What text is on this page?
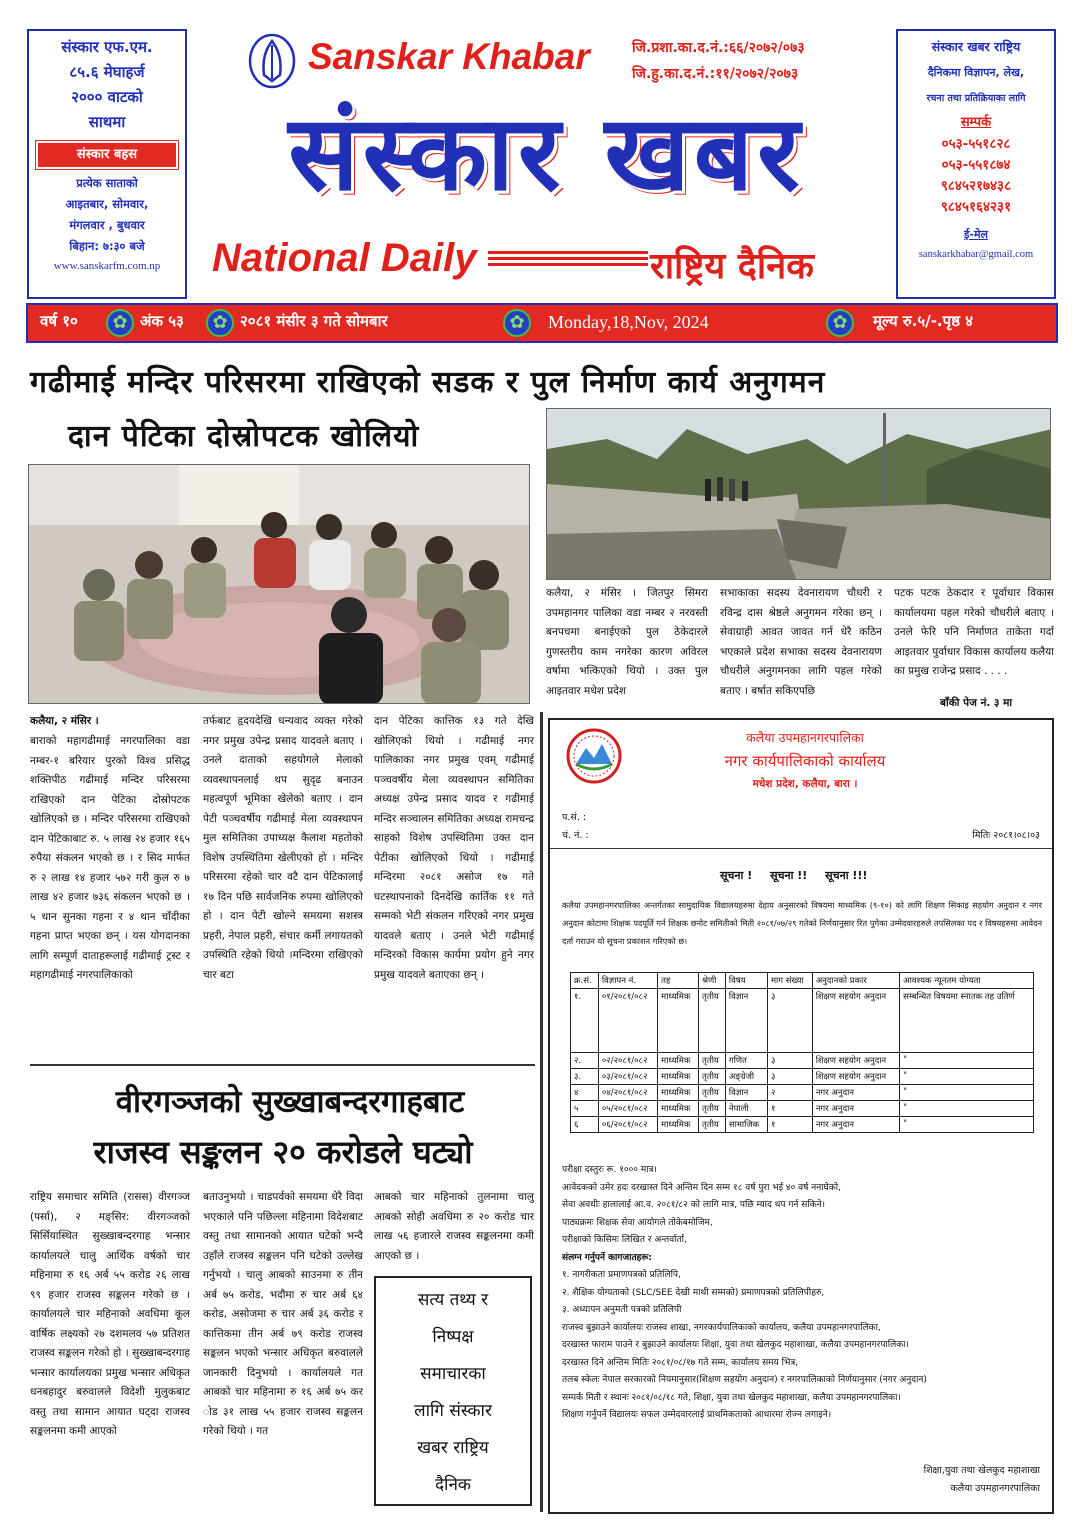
संस्कार एफ.एम.
८५.६ मेघाहर्ज
२००० वाटको
साथमा
संस्कार बहस
प्रत्येक साताको
आइतबार, सोमवार,
मंगलवार , बुधवार
बिहान: ७:३० बजे
www.sanskarfm.com.np
Sanskar Khabar	जि.प्रशा.का.द.नं.:६६/२०७२/०७३
जि.हु.का.द.नं.:११/२०७२/२०७३
संस्कार खबर
National Daily	राष्ट्रिय दैनिक
संस्कार खबर राष्ट्रिय
दैनिकमा विज्ञापन, लेख,
रचना तथा प्रतिक्रियाका लागि
सम्पर्क
०५३-५५१८२८
०५३-५५१८७४
९८४५२१७४३८
९८४५१६४२३१
ई-मेल
sanskarkhabar@gmail.com
वर्ष १०	✿ अंक ५३	✿ २०८१ मंसीर ३ गते सोमबार	✿	Monday,18,Nov, 2024	✿	मूल्य रु.५/-.पृष्ठ ४
गढीमाई मन्दिर परिसरमा राखिएको सडक र पुल निर्माण कार्य अनुगमन
कलैया, २ मंसिर । जितपुर सिमरा उपमहानगर पालिका वडा नम्बर २ नरवस्ती बनपचमा बनाईएको पुल ठेकेदारले गुणस्तरीय काम नगरेका कारण अविरल वर्षामा भत्किएको थियो । उक्त पुल आइतवार मधेश प्रदेश
सभाकाका सदस्य देवनारायण चौधरी र रविन्द्र दास श्रेष्ठले अनुगमन गरेका छन् । सेवाग्राही आवत जावत गर्न धेरै कठिन भएकाले प्रदेश सभाका सदस्य देवनारायण चौधरीले अनुगमनका लागि पहल गरेको बताए । बर्षात सकिएपछि
पटक पटक ठेकदार र पूर्वाधार विकास कार्यालयमा पहल गरेको चौधरीले बताए । उनले फेरि पनि निर्माणत ताकेता गर्दा आइतवार पुर्वाधार विकास कार्यालय कलैया का प्रमुख राजेन्द्र प्रसाद . . . .
बाँकी पेज नं. ३ मा
दान पेटिका दोस्रोपटक खोलियो
कलैया, २ मंसिर ।
बाराको महागढीमाई नगरपालिका वडा नम्बर-१ बरियार पुरको विश्व प्रसिद्ध शक्तिपीठ गढीमाई मन्दिर परिसरमा राखिएको दान पेटिका दोस्रोपटक खोलिएको छ । मन्दिर परिसरमा राखिएको दान पेटिकाबाट रु. ५ लाख २४ हजार १६५ रुपैया संकलन भएको छ । र सिद मार्फत रु २ लाख १४ हजार ५७२ गरी कुल रु ७ लाख ४२ हजार ७३६ संकलन भएको छ । ५ थान सुनका गहना र ४ थान चाँदीका गहना प्राप्त भएका छन् । यस योगदानका लागि सम्पूर्ण दाताहरूलाई गढीमाई ट्रस्ट र महागढीमाई नगरपालिकाको
तर्फबाट हृदयदेखि धन्यवाद व्यक्त गरेको नगर प्रमुख उपेन्द्र प्रसाद यादवले बताए । उनले दाताको सहयोगले मेलाको व्यवस्थापनलाई थप सुदृढ बनाउन महत्वपूर्ण भूमिका खेलेको बताए । दान पेटी पञ्चवर्षीय गढीमाई मेला व्यवस्थापन मुल समितिका उपाध्यक्ष कैलाश महतोको विशेष उपस्थितिमा खेलीएको हो । मन्दिर परिसरमा रहेको चार वटै दान पेटिकालाई १७ दिन पछि सार्वजनिक रुपमा खोलिएको हो । दान पेटी खोल्ने समयमा सशस्त्र प्रहरी, नेपाल प्रहरी, संचार कर्मी लगायतको उपस्थिति रहेको थियो ।मन्दिरमा राखिएको चार बटा
दान पेटिका कात्तिक १३ गते देखि खोलिएको थियो । गढीमाई नगर पालिकाका नगर प्रमुख एवम् गढीमाई पञ्चवर्षीय मेला व्यवस्थापन समितिका अध्यक्ष उपेन्द्र प्रसाद यादव र गढीमाई मन्दिर सञ्चालन समितिका अध्यक्ष रामचन्द्र साहको विशेष उपस्थितिमा उक्त दान पेटीका खोलिएको थियो । गढीमाई मन्दिरमा २०८१ असोज १७ गते घटस्थापनाको दिनदेखि कार्तिक ११ गते सम्मको भेटी संकलन गरिएको नगर प्रमुख यादवले बताए । उनले भेटी गढीमाई मन्दिरको विकास कार्यमा प्रयोग हुने नगर प्रमुख यादवले बताएका छन् ।
वीरगञ्जको सुख्खाबन्दरगाहबाट
राजस्व सङ्कलन २० करोडले घट्यो
राष्ट्रिय समाचार समिति (रासस) वीरगञ्ज (पर्सा), २ मङ्सिर: वीरगञ्जको सिर्सियास्थित सुख्खाबन्दरगाह भन्सार कार्यालयले चालु आर्थिक वर्षको चार महिनामा रु १६ अर्ब ५५ करोड २६ लाख ९९ हजार राजस्व सङ्कलन गरेको छ । कार्यालयले चार महिनाको अवधिमा कूल वार्षिक लक्ष्यको २७ दशमलव ५७ प्रतिशत राजस्व सङ्कलन गरेको हो । सुख्खाबन्दरगाह भन्सार कार्यालयका प्रमुख भन्सार अधिकृत धनबहादुर बरुवालले विदेशी मुलुकबाट वस्तु तथा सामान आयात घट्दा राजस्व सङ्कलनमा कमी आएको
बताउनुभयो । चाडपर्वको समयमा धेरै विदा भएकाले पनि पछिल्ला महिनामा विदेशबाट वस्तु तथा सामानको आयात घटेको भन्दै उहाँले राजस्व सङ्कलन पनि घटेको उल्लेख गर्नुभयो । चालु आबको साउनमा रु तीन अर्ब ७५ करोड, भदौमा रु चार अर्ब ६४ करोड, असोजमा रु चार अर्ब ३६ करोड र कात्तिकमा तीन अर्ब ७९ करोड राजस्व सङ्कलन भएको भन्सार अधिकृत बरुवालले जानकारी दिनुभयो । कार्यालयले गत आबको चार महिनामा रु १६ अर्ब ७५ कर ोड ३१ लाख ५५ हजार राजस्व सङ्कलन गरेको थियो । गत
आबको चार महिनाको तुलनामा चालु आबको सोही अवधिमा रु २० करोड चार लाख ५६ हजारले राजस्व सङ्कलनमा कमी आएको छ ।
सत्य तथ्य र
निष्पक्ष
समाचारका
लागि संस्कार
खबर राष्ट्रिय
दैनिक
कलैया उपमहानगरपालिका
नगर कार्यपालिकाको कार्यालय
मधेश प्रदेश, कलैया, बारा ।
प.सं. :
चं. नं. :	मितिः २०८१।०८।०३
सूचना ! सूचना !! सूचना !!!
कलैया उपमहानगरपालिका अन्तर्गतका सामुदायिक विद्यालयहरुमा देहाय अनुसारको विषयमा माध्यमिक (९-१०) को लागि शिक्षण सिकाइ सहयोग अनुदान र नगर अनुदान कोटामा शिक्षक पदपूर्ति गर्न शिक्षक छनोट समितीको मिती २०८१/०७/२९ गतेको निर्णयानुसार रित पुगेका उम्मेदवारहरुले तपसिलका पद र विषयहरुमा आवेदन दर्ता गराउन यो सूचना प्रकाशन गरिएको छ।
क्र.सं.	विज्ञापन नं.	तह	श्रेणी	विषय	माग संख्या	अनुदानको प्रकार	आवश्यक न्यूनतम योग्यता
१.	०१/२०८१/०८२	माध्यमिक	तृतीय	विज्ञान	३	शिक्षण सहयोग अनुदान	सम्बन्धित विषयमा स्नातक तह उतिर्ण
२.	०२/२०८१/०८२	माध्यमिक	तृतीय	गणित	३	शिक्षण सहयोग अनुदान	"
३.	०३/२०८१/०८२	माध्यमिक	तृतीय	अङ्ग्रेजी	३	शिक्षण सहयोग अनुदान	"
४	०४/२०८१/०८२	माध्यमिक	तृतीय	विज्ञान	२	नगर अनुदान	"
५	०५/२०८१/०८२	माध्यमिक	तृतीय	नेपाली	१	नगर अनुदान	"
६	०६/२०८१/०८२	माध्यमिक	तृतीय	सामाजिक	१	नगर अनुदान	"
परीक्षा दस्तुरः रू. १००० मात्र।
आवेदकको उमेर हदः दरखास्त दिने अन्तिम दिन सम्म १८ वर्ष पुरा भई ४० वर्ष ननाघेको,
सेवा अवधीः हालालाई आ.व. २०८१/८२ को लागि मात्र, पछि म्याद थप गर्न सकिने।
पाठ्यक्रमः शिक्षक सेवा आयोगले तोकेबमोजिम,
परीक्षाको किसिमः लिखित र अन्तर्वार्ता,
संलग्न गर्नुपर्ने कागजातहरू:
१. नागरीकता प्रमाणपत्रको प्रतिलिपि,
२. शैक्षिक योग्यताको (SLC/SEE देखी माथी सम्मको) प्रमाणपत्रको प्रतिलिपीहरु,
३. अध्यापन अनुमती पत्रको प्रतिलिपी
राजस्व बुझाउने कार्यालयः राजस्व शाखा, नगरकार्यपालिकाको कार्यालय, कलैया उपमहानगरपालिका,
दरखास्त फाराम पाउने र बुझाउने कार्यालयः शिक्षा, युवा तथा खेलकुद महाशाखा, कलैया उपमहानगरपालिका।
दरखास्त दिने अन्तिम मितिः २०८१/०८/१७ गते सम्म, कार्यालय समय भित्र,
तलब स्केलः नेपाल सरकारको नियमानुसार(शिक्षण सहयोग अनुदान) र नगरपालिकाको निर्णयानुसार (नगर अनुदान)
सम्पर्क मिती र स्थानः २०८१/०८/१८ गते, शिक्षा, युवा तथा खेलकुद महाशाखा, कलैया उपमहानगरपालिका।
शिक्षण गर्नुपर्ने विद्यालयः सफल उम्मेदवारलाई प्राथमिकताको आधारमा रोज्न लगाइने।
शिक्षा,युवा तथा खेलकुद महाशाखा
कलैया उपमहानगरपालिका
